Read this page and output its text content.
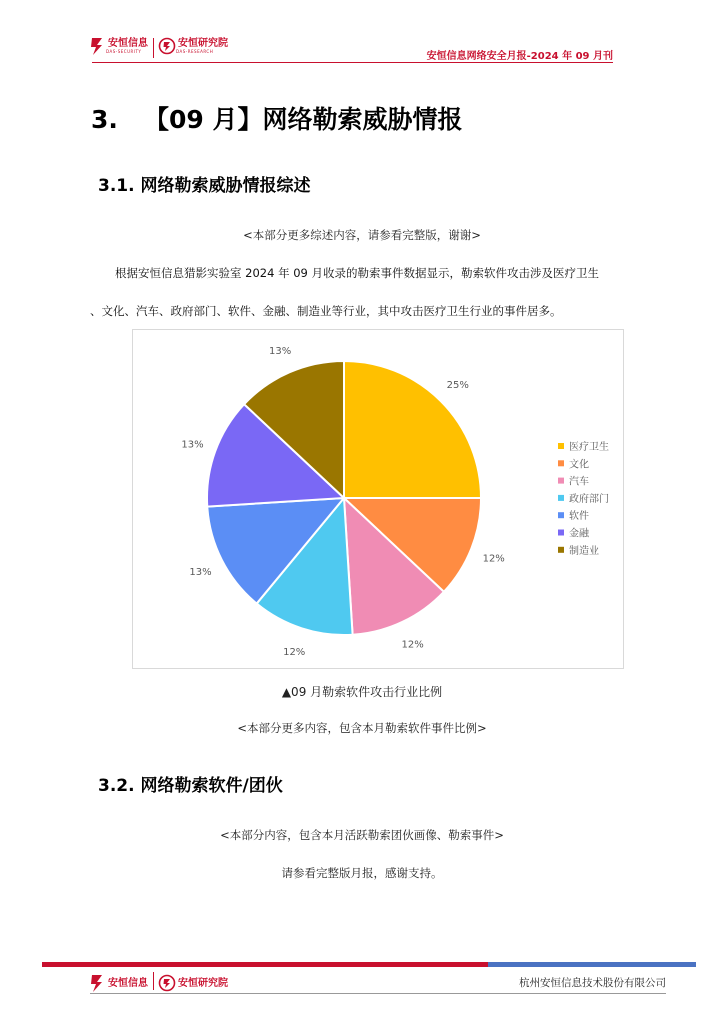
安恒信息
DAS-SECURITY
安恒研究院
DAS-RESEARCH	安恒信息网络安全月报-2024 年 09 月刊
3.   【09 月】网络勒索威胁情报
3.1. 网络勒索威胁情报综述
<本部分更多综述内容，请参看完整版，谢谢>
根据安恒信息猎影实验室 2024 年 09 月收录的勒索事件数据显示，勒索软件攻击涉及医疗卫生
、文化、汽车、政府部门、软件、金融、制造业等行业，其中攻击医疗卫生行业的事件居多。
25%
12%
12%
12%
13%
13%
13%
医疗卫生
文化
汽车
政府部门
软件
金融
制造业
▲09 月勒索软件攻击行业比例
<本部分更多内容，包含本月勒索软件事件比例>
3.2. 网络勒索软件/团伙
<本部分内容，包含本月活跃勒索团伙画像、勒索事件>
请参看完整版月报，感谢支持。
安恒信息	安恒研究院	杭州安恒信息技术股份有限公司
